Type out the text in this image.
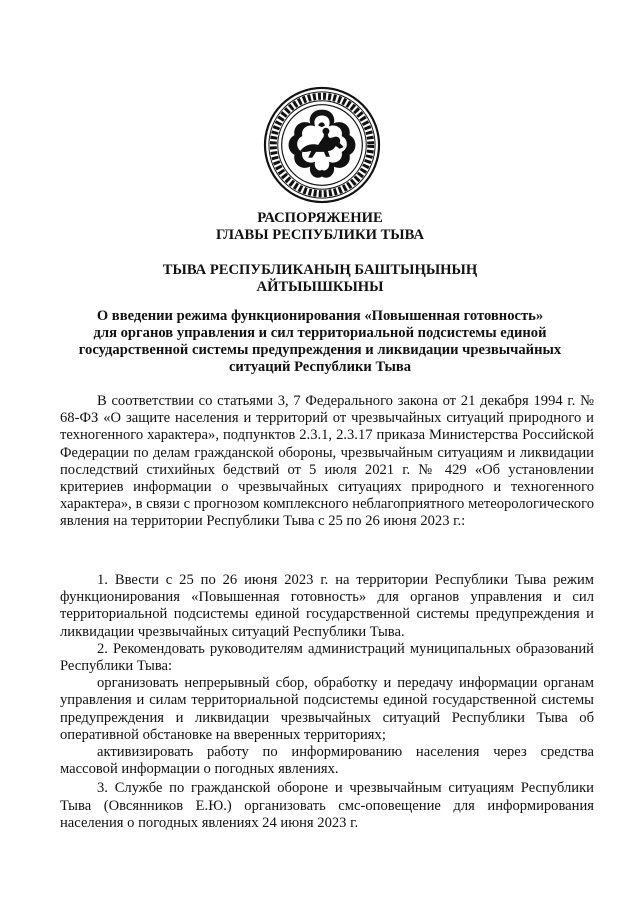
РАСПОРЯЖЕНИЕ
ГЛАВЫ РЕСПУБЛИКИ ТЫВА
ТЫВА РЕСПУБЛИКАНЫҢ БАШТЫҢЫНЫҢ
АЙТЫЫШКЫНЫ
О введении режима функционирования «Повышенная готовность»
для органов управления и сил территориальной подсистемы единой
государственной системы предупреждения и ликвидации чрезвычайных
ситуаций Республики Тыва

В соответствии со статьями 3, 7 Федерального закона от 21 декабря 1994 г. № 68-ФЗ «О защите населения и территорий от чрезвычайных ситуаций природного и техногенного характера», подпунктов 2.3.1, 2.3.17 приказа Министерства Российской Федерации по делам гражданской обороны, чрезвычайным ситуациям и ликвидации последствий стихийных бедствий от 5 июля 2021 г. № 429 «Об установлении критериев информации о чрезвычайных ситуациях природного и техногенного характера», в связи с прогнозом комплексного неблагоприятного метеорологического явления на территории Республики Тыва с 25 по 26 июня 2023 г.:

1. Ввести с 25 по 26 июня 2023 г. на территории Республики Тыва режим функционирования «Повышенная готовность» для органов управления и сил территориальной подсистемы единой государственной системы предупреждения и ликвидации чрезвычайных ситуаций Республики Тыва.

2. Рекомендовать руководителям администраций муниципальных образований Республики Тыва:

организовать непрерывный сбор, обработку и передачу информации органам управления и силам территориальной подсистемы единой государственной системы предупреждения и ликвидации чрезвычайных ситуаций Республики Тыва об оперативной обстановке на вверенных территориях;

активизировать работу по информированию населения через средства массовой информации о погодных явлениях.

3. Службе по гражданской обороне и чрезвычайным ситуациям Республики Тыва (Овсянников Е.Ю.) организовать смс-оповещение для информирования населения о погодных явлениях 24 июня 2023 г.
